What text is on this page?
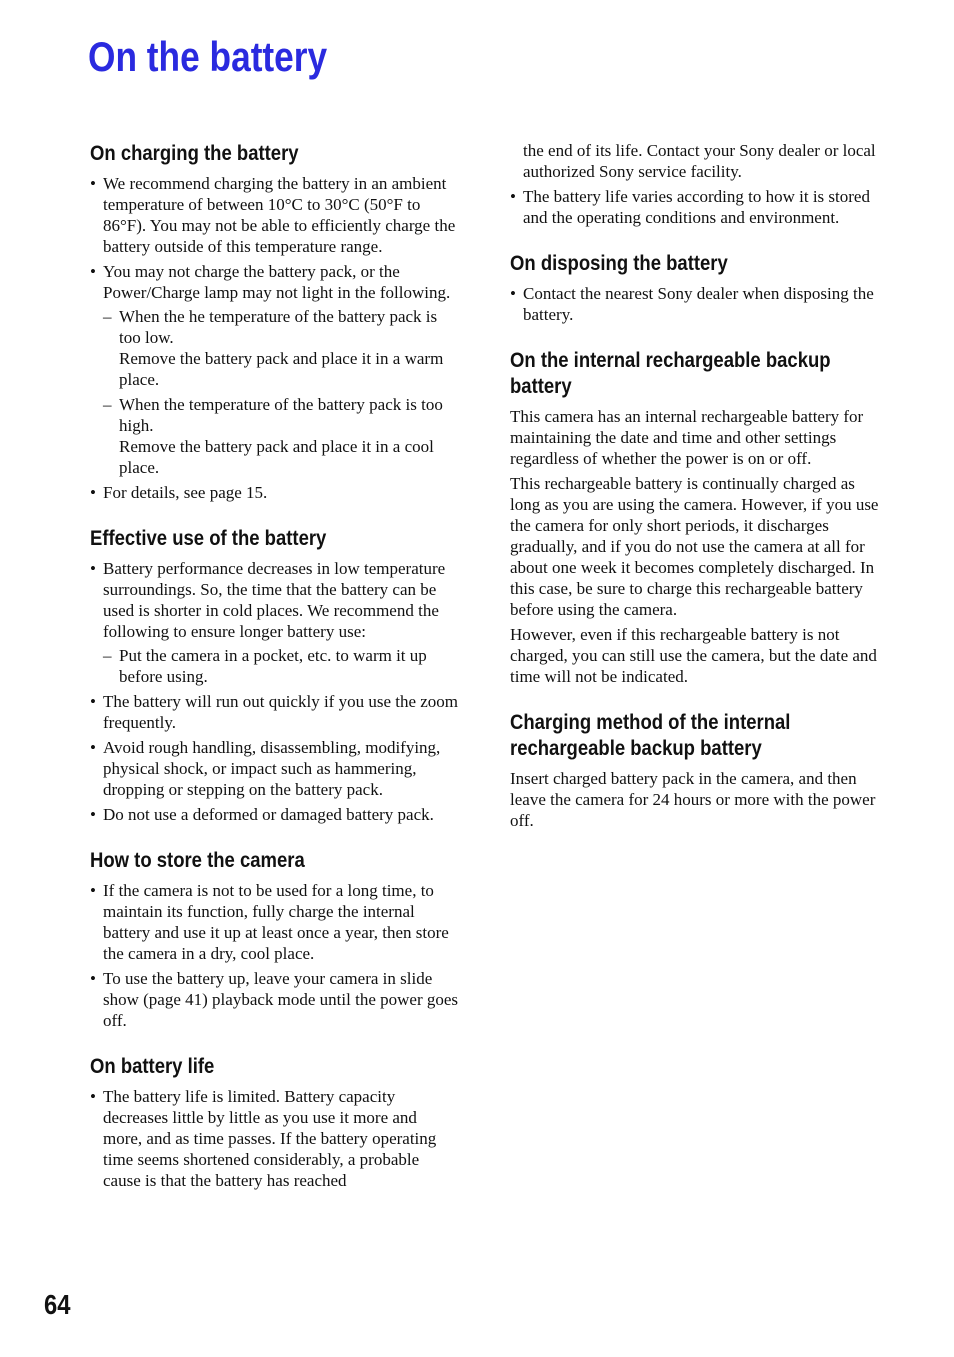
On the battery
On charging the battery
• We recommend charging the battery in an ambient temperature of between 10°C to 30°C (50°F to 86°F). You may not be able to efficiently charge the battery outside of this temperature range.
• You may not charge the battery pack, or the Power/Charge lamp may not light in the following.
– When the he temperature of the battery pack is too low.

Remove the battery pack and place it in a warm place.

– When the temperature of the battery pack is too high.

Remove the battery pack and place it in a cool place.

• For details, see page 15.
Effective use of the battery
• Battery performance decreases in low temperature surroundings. So, the time that the battery can be used is shorter in cold places. We recommend the following to ensure longer battery use:
– Put the camera in a pocket, etc. to warm it up before using.

• The battery will run out quickly if you use the zoom frequently.
• Avoid rough handling, disassembling, modifying, physical shock, or impact such as hammering, dropping or stepping on the battery pack.
• Do not use a deformed or damaged battery pack.
How to store the camera
• If the camera is not to be used for a long time, to maintain its function, fully charge the internal battery and use it up at least once a year, then store the camera in a dry, cool place.
• To use the battery up, leave your camera in slide show (page 41) playback mode until the power goes off.
On battery life
• The battery life is limited. Battery capacity decreases little by little as you use it more and more, and as time passes. If the battery operating time seems shortened considerably, a probable cause is that the battery has reached
the end of its life. Contact your Sony dealer or local authorized Sony service facility.
• The battery life varies according to how it is stored and the operating conditions and environment.
On disposing the battery
• Contact the nearest Sony dealer when disposing the battery.
On the internal rechargeable backup battery

This camera has an internal rechargeable battery for maintaining the date and time and other settings regardless of whether the power is on or off.

This rechargeable battery is continually charged as long as you are using the camera. However, if you use the camera for only short periods, it discharges gradually, and if you do not use the camera at all for about one week it becomes completely discharged. In this case, be sure to charge this rechargeable battery before using the camera.

However, even if this rechargeable battery is not charged, you can still use the camera, but the date and time will not be indicated.

Charging method of the internal rechargeable backup battery

Insert charged battery pack in the camera, and then leave the camera for 24 hours or more with the power off.

64
